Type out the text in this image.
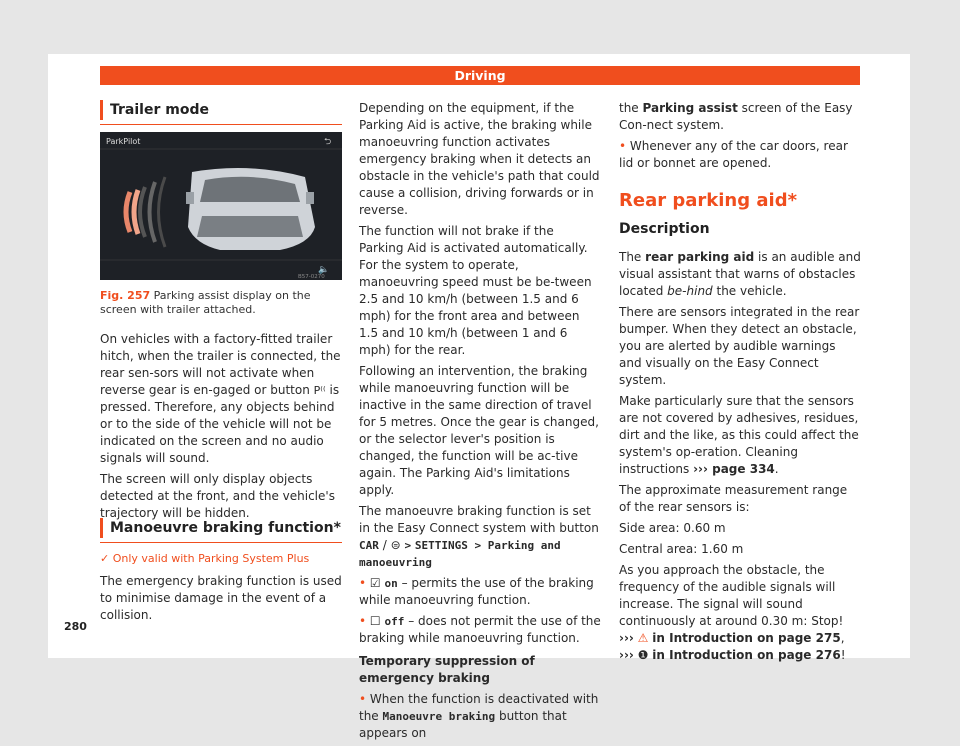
Driving
Trailer mode
ParkPilot	⮌
🔈
B57-0270
Fig. 257 Parking assist display on the screen with trailer attached.

On vehicles with a factory-fitted trailer hitch, when the trailer is connected, the rear sen-sors will not activate when reverse gear is en-gaged or button P⁽⁽ is pressed. Therefore, any objects behind or to the side of the vehicle will not be indicated on the screen and no audio signals will sound.

The screen will only display objects detected at the front, and the vehicle's trajectory will be hidden.

Manoeuvre braking function*

✓ Only valid with Parking System Plus

The emergency braking function is used to minimise damage in the event of a collision.

Depending on the equipment, if the Parking Aid is active, the braking while manoeuvring function activates emergency braking when it detects an obstacle in the vehicle's path that could cause a collision, driving forwards or in reverse.

The function will not brake if the Parking Aid is activated automatically. For the system to operate, manoeuvring speed must be be-tween 2.5 and 10 km/h (between 1.5 and 6 mph) for the front area and between 1.5 and 10 km/h (between 1 and 6 mph) for the rear.

Following an intervention, the braking while manoeuvring function will be inactive in the same direction of travel for 5 metres. Once the gear is changed, or the selector lever's position is changed, the function will be ac-tive again. The Parking Aid's limitations apply.

The manoeuvre braking function is set in the Easy Connect system with button CAR / ⊜ > SETTINGS > Parking and manoeuvring

• ☑ on – permits the use of the braking while manoeuvring function.

• ☐ off – does not permit the use of the braking while manoeuvring function.

Temporary suppression of emergency braking

• When the function is deactivated with the Manoeuvre braking button that appears on

the Parking assist screen of the Easy Con-nect system.

• Whenever any of the car doors, rear lid or bonnet are opened.

Rear parking aid*

Description

The rear parking aid is an audible and visual assistant that warns of obstacles located be-hind the vehicle.

There are sensors integrated in the rear bumper. When they detect an obstacle, you are alerted by audible warnings and visually on the Easy Connect system.

Make particularly sure that the sensors are not covered by adhesives, residues, dirt and the like, as this could affect the system's op-eration. Cleaning instructions ››› page 334.

The approximate measurement range of the rear sensors is:

Side area: 0.60 m

Central area: 1.60 m

As you approach the obstacle, the frequency of the audible signals will increase. The signal will sound continuously at around 0.30 m: Stop! ››› ⚠ in Introduction on page 275, ››› ❶ in Introduction on page 276!

280
